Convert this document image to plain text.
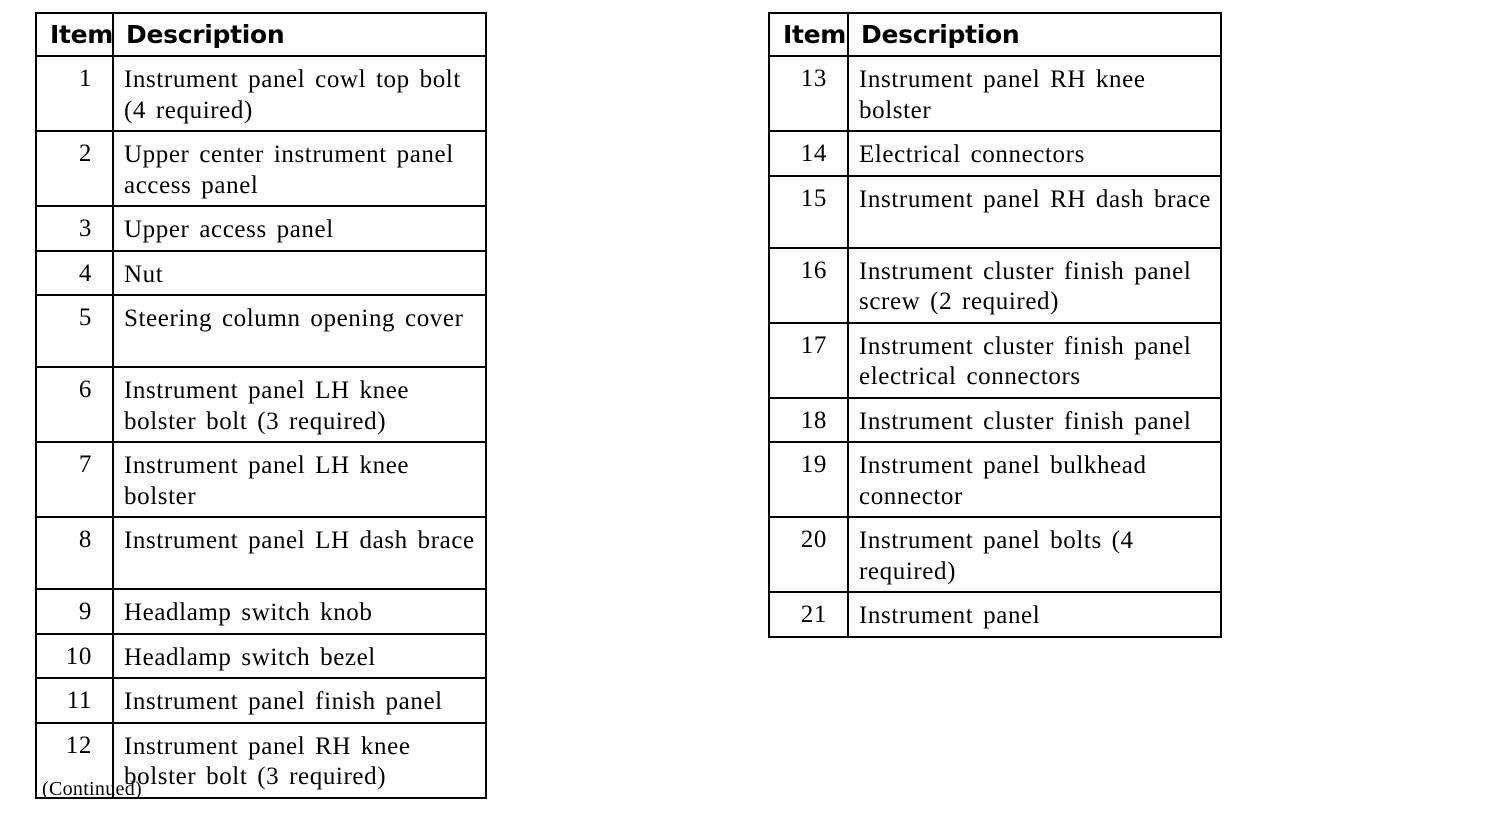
Item	Description
1	Instrument panel cowl top bolt (4 required)
2	Upper center instrument panel access panel
3	Upper access panel
4	Nut
5	Steering column opening cover
6	Instrument panel LH knee bolster bolt (3 required)
7	Instrument panel LH knee bolster
8	Instrument panel LH dash brace
9	Headlamp switch knob
10	Headlamp switch bezel
11	Instrument panel finish panel
12	Instrument panel RH knee bolster bolt (3 required)
(Continued)
Item	Description
13	Instrument panel RH knee bolster
14	Electrical connectors
15	Instrument panel RH dash brace
16	Instrument cluster finish panel screw (2 required)
17	Instrument cluster finish panel electrical connectors
18	Instrument cluster finish panel
19	Instrument panel bulkhead connector
20	Instrument panel bolts (4 required)
21	Instrument panel
